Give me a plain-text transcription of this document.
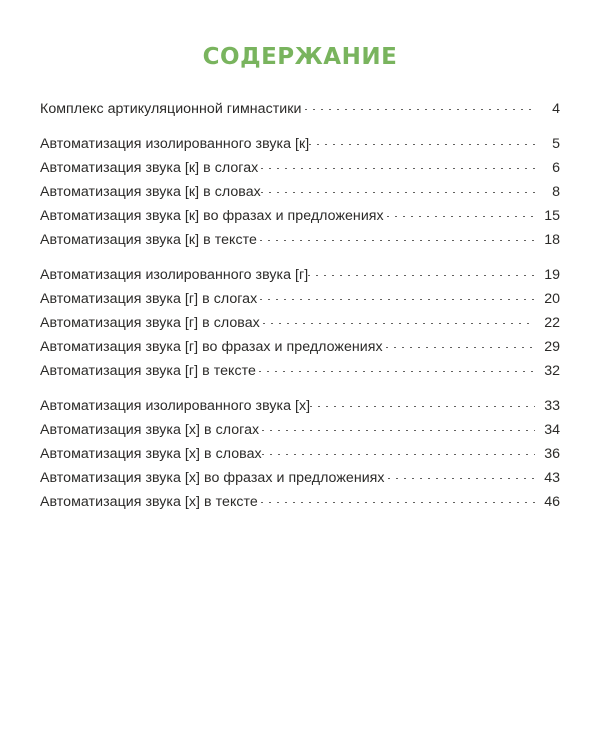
СОДЕРЖАНИЕ
Комплекс артикуляционной гимнастики	4
Автоматизация изолированного звука [к]	5
Автоматизация звука [к] в слогах	6
Автоматизация звука [к] в словах	8
Автоматизация звука [к] во фразах и предложениях	15
Автоматизация звука [к] в тексте	18
Автоматизация изолированного звука [г]	19
Автоматизация звука [г] в слогах	20
Автоматизация звука [г] в словах	22
Автоматизация звука [г] во фразах и предложениях	29
Автоматизация звука [г] в тексте	32
Автоматизация изолированного звука [х]	33
Автоматизация звука [х] в слогах	34
Автоматизация звука [х] в словах	36
Автоматизация звука [х] во фразах и предложениях	43
Автоматизация звука [х] в тексте	46
